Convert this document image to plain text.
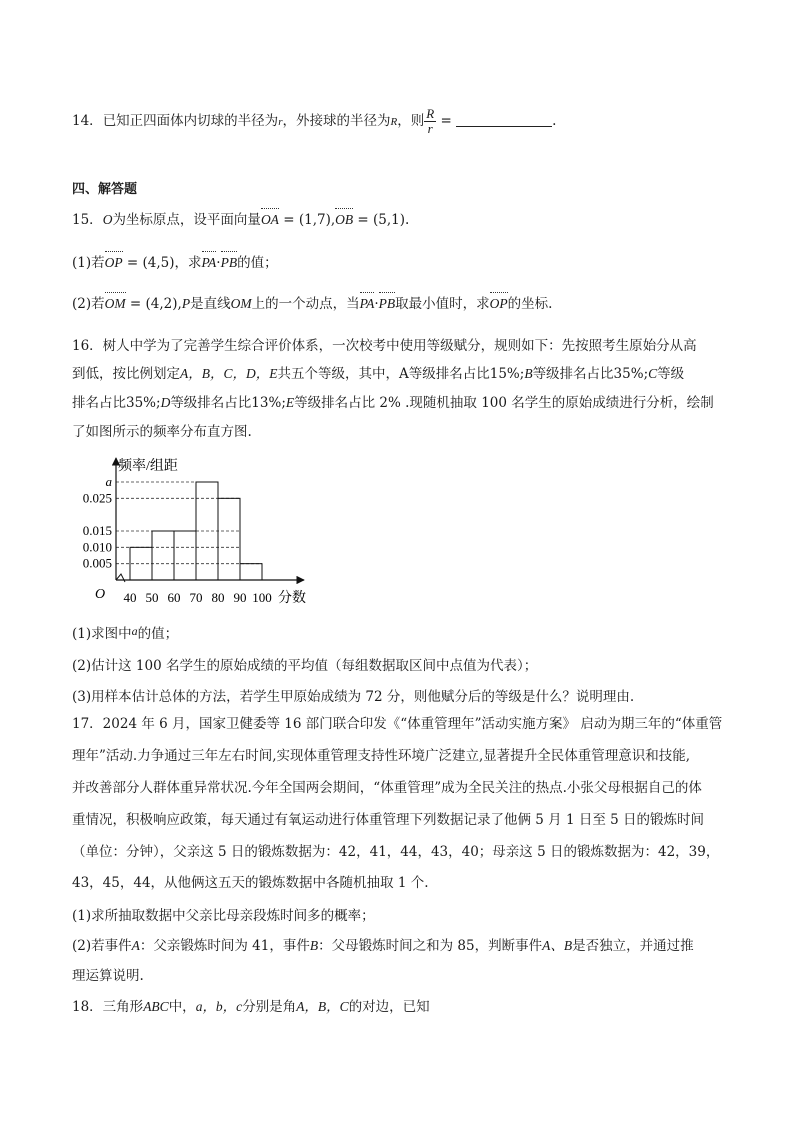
14．已知正四面体内切球的半径为r，外接球的半径为R，则 $\frac{R}{r}$ =	.
四、解答题
15．O为坐标原点，设平面向量OA = (1,7),OB = (5,1).
(1)若OP = (4,5)，求PA·PB的值；
(2)若OM = (4,2),P是直线OM上的一个动点，当PA·PB取最小值时，求OP的坐标.
16．树人中学为了完善学生综合评价体系，一次校考中使用等级赋分，规则如下：先按照考生原始分从高
到低，按比例划定A，B，C，D，E共五个等级，其中，A等级排名占比15%;B等级排名占比35%;C等级
排名占比35%;D等级排名占比13%;E等级排名占比 2% .现随机抽取 100 名学生的原始成绩进行分析，绘制
了如图所示的频率分布直方图.
频率/组距
分数
O
a
0.025
0.015
0.010
0.005
40 50 60 70 80 90 100
(1)求图中a的值；
(2)估计这 100 名学生的原始成绩的平均值（每组数据取区间中点值为代表）；
(3)用样本估计总体的方法，若学生甲原始成绩为 72 分，则他赋分后的等级是什么？说明理由.
17．2024 年 6 月，国家卫健委等 16 部门联合印发《“体重管理年”活动实施方案》 启动为期三年的“体重管
理年”活动.力争通过三年左右时间,实现体重管理支持性环境广泛建立,显著提升全民体重管理意识和技能,
并改善部分人群体重异常状况.今年全国两会期间，“体重管理”成为全民关注的热点.小张父母根据自己的体
重情况，积极响应政策，每天通过有氧运动进行体重管理下列数据记录了他俩 5 月 1 日至 5 日的锻炼时间
（单位：分钟），父亲这 5 日的锻炼数据为：42，41，44，43，40；母亲这 5 日的锻炼数据为：42，39，
43，45，44，从他俩这五天的锻炼数据中各随机抽取 1 个.
(1)求所抽取数据中父亲比母亲段炼时间多的概率；
(2)若事件A：父亲锻炼时间为 41，事件B：父母锻炼时间之和为 85，判断事件A、B是否独立，并通过推
理运算说明.
18．三角形ABC中，a，b，c分别是角A，B，C的对边，已知
